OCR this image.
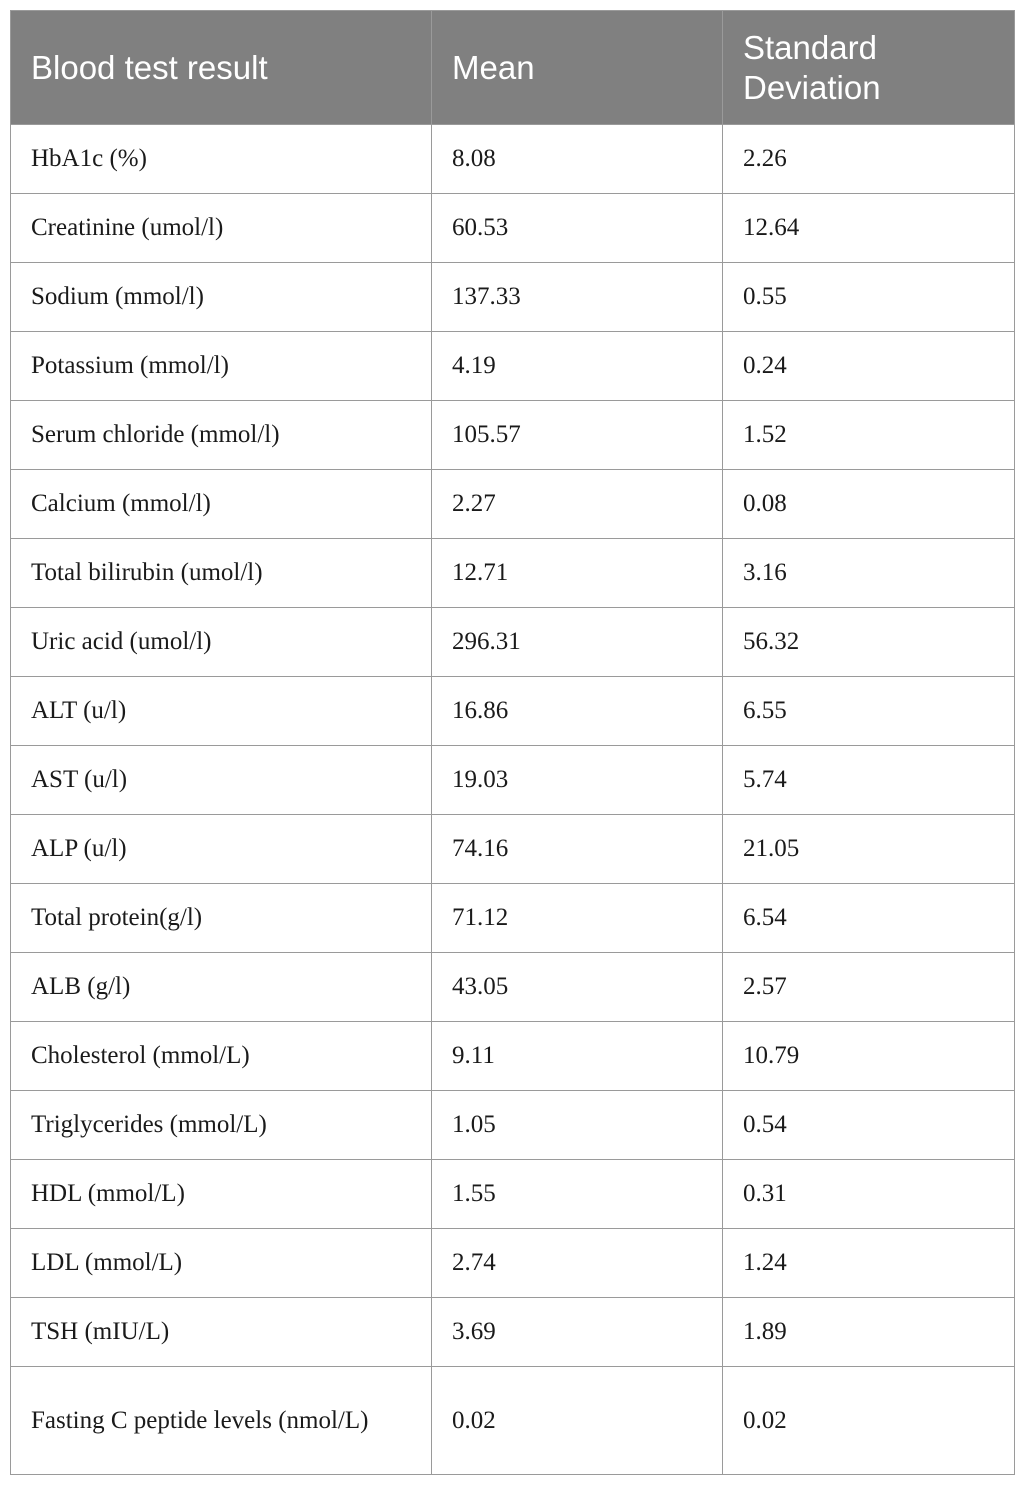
Blood test result	Mean	Standard Deviation
HbA1c (%)	8.08	2.26
Creatinine (umol/l)	60.53	12.64
Sodium (mmol/l)	137.33	0.55
Potassium (mmol/l)	4.19	0.24
Serum chloride (mmol/l)	105.57	1.52
Calcium (mmol/l)	2.27	0.08
Total bilirubin (umol/l)	12.71	3.16
Uric acid (umol/l)	296.31	56.32
ALT (u/l)	16.86	6.55
AST (u/l)	19.03	5.74
ALP (u/l)	74.16	21.05
Total protein(g/l)	71.12	6.54
ALB (g/l)	43.05	2.57
Cholesterol (mmol/L)	9.11	10.79
Triglycerides (mmol/L)	1.05	0.54
HDL (mmol/L)	1.55	0.31
LDL (mmol/L)	2.74	1.24
TSH (mIU/L)	3.69	1.89
Fasting C peptide levels (nmol/L)	0.02	0.02
